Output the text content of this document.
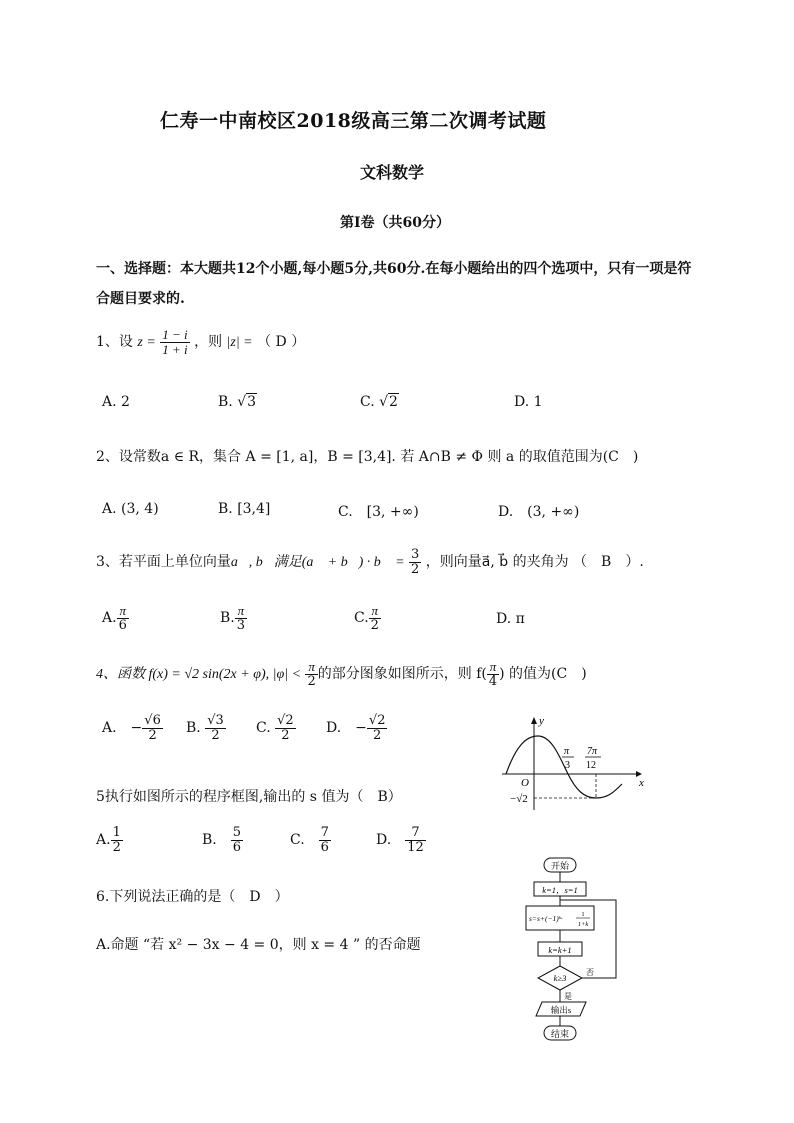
仁寿一中南校区2018级高三第二次调考试题
文科数学
第Ⅰ卷（共60分）
一、选择题：本大题共12个小题,每小题5分,共60分.在每小题给出的四个选项中，只有一项是符
合题目要求的.
1、设 $z = \frac{1 - i}{1 + i}$ ，则 |z| = （ D ）
A. 2	B. √3	C. √2	D. 1
2、设常数a ∈ R，集合 A = [1, a]，B = [3,4]. 若 A∩B ≠ Φ 则 a 的取值范围为(C　)
A. (3, 4)	B. [3,4]	C.　[3, +∞)	D.　(3, +∞)
3、若平面上单位向量a⃗, b⃗满足(a⃗ + b⃗) · b⃗ = $\frac{3}{2}$ ，则向量a⃗, b⃗ 的夹角为 （　B　）.
A. $\frac{\pi}{6}$	B. $\frac{\pi}{3}$	C. $\frac{\pi}{2}$	D. π
4、函数 f(x) = √2 sin(2x + φ), $|\varphi| < \frac{\pi}{2}$ 的部分图象如图所示，则 $f( \frac{\pi}{4}$ ) 的值为(C　)
A.　− $\frac{√6}{2} B$. $\frac{√3}{2} C$. $\frac{√2}{2} D$.　− $\frac{√2}{2}$	y
x
O
−√2
π
3
7π
12
5执行如图所示的程序框图,输出的 s 值为（　B）
A. $\frac{1}{2}$	B.　 $\frac{5}{6}$	C.　 $\frac{7}{6}$	D.　 $\frac{7}{12}$
开始
k=1，s=1
s=s+(−1)ᵏ·	1
1+k
k=k+1
k≥3
否
是
输出s
结束
6.下列说法正确的是（　D　）
A.命题 “若 x² − 3x − 4 = 0，则 x = 4 ” 的否命题
